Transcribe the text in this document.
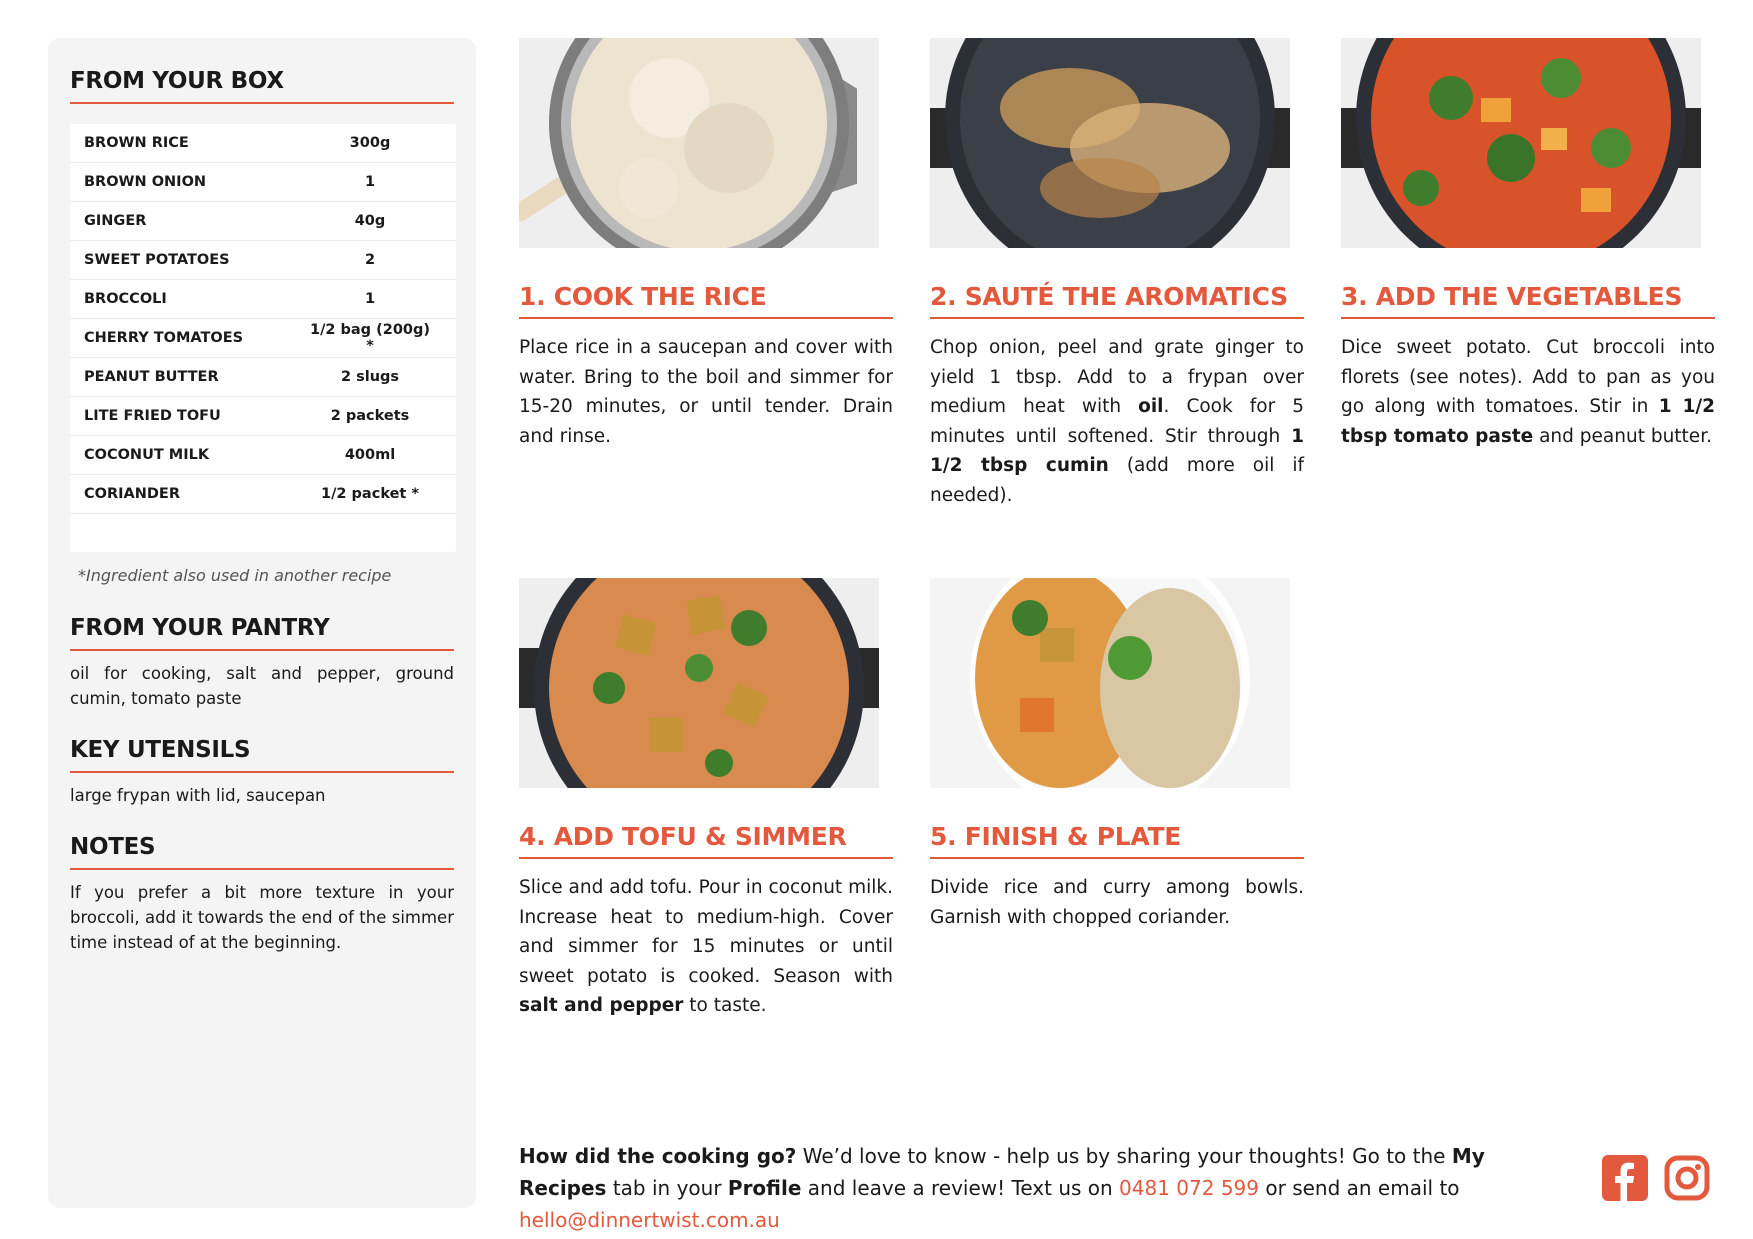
FROM YOUR BOX
BROWN RICE	300g
BROWN ONION	1
GINGER	40g
SWEET POTATOES	2
BROCCOLI	1
CHERRY TOMATOES	1/2 bag (200g) *
PEANUT BUTTER	2 slugs
LITE FRIED TOFU	2 packets
COCONUT MILK	400ml
CORIANDER	1/2 packet *
*Ingredient also used in another recipe
FROM YOUR PANTRY
oil for cooking, salt and pepper, ground cumin, tomato paste
KEY UTENSILS
large frypan with lid, saucepan
NOTES
If you prefer a bit more texture in your broccoli, add it towards the end of the simmer time instead of at the beginning.
1. COOK THE RICE
Place rice in a saucepan and cover with water. Bring to the boil and simmer for 15-20 minutes, or until tender. Drain and rinse.
2. SAUTÉ THE AROMATICS
Chop onion, peel and grate ginger to yield 1 tbsp. Add to a frypan over medium heat with oil. Cook for 5 minutes until softened. Stir through 1 1/2 tbsp cumin (add more oil if needed).
3. ADD THE VEGETABLES
Dice sweet potato. Cut broccoli into florets (see notes). Add to pan as you go along with tomatoes. Stir in 1 1/2 tbsp tomato paste and peanut butter.
4. ADD TOFU & SIMMER
Slice and add tofu. Pour in coconut milk. Increase heat to medium-high. Cover and simmer for 15 minutes or until sweet potato is cooked. Season with salt and pepper to taste.
5. FINISH & PLATE
Divide rice and curry among bowls. Garnish with chopped coriander.
How did the cooking go? We’d love to know - help us by sharing your thoughts! Go to the My Recipes tab in your Profile and leave a review! Text us on 0481 072 599 or send an email to hello@dinnertwist.com.au
